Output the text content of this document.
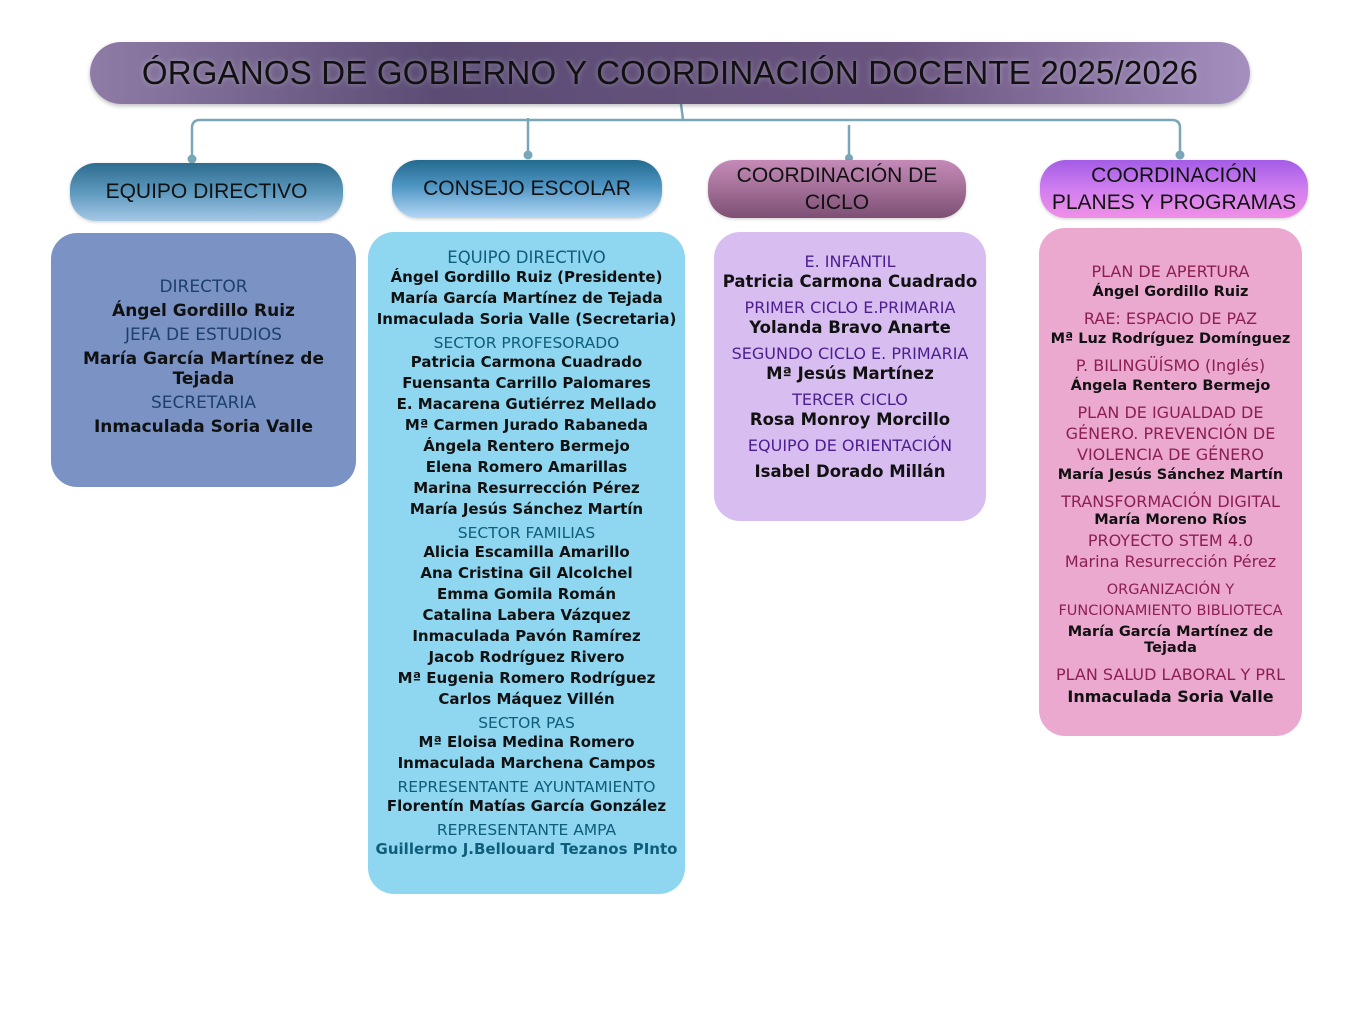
ÓRGANOS DE GOBIERNO Y COORDINACIÓN DOCENTE 2025/2026
EQUIPO DIRECTIVO	CONSEJO ESCOLAR
COORDINACIÓN DE
CICLO
COORDINACIÓN
PLANES Y PROGRAMAS
DIRECTOR
Ángel Gordillo Ruiz
JEFA DE ESTUDIOS
María García Martínez de Tejada
SECRETARIA
Inmaculada Soria Valle
EQUIPO DIRECTIVO
Ángel Gordillo Ruiz (Presidente)
María García Martínez de Tejada
Inmaculada Soria Valle (Secretaria)
SECTOR PROFESORADO
Patricia Carmona Cuadrado
Fuensanta Carrillo Palomares
E. Macarena Gutiérrez Mellado
Mª Carmen Jurado Rabaneda
Ángela Rentero Bermejo
Elena Romero Amarillas
Marina Resurrección Pérez
María Jesús Sánchez Martín
SECTOR FAMILIAS
Alicia Escamilla Amarillo
Ana Cristina Gil Alcolchel
Emma Gomila Román
Catalina Labera Vázquez
Inmaculada Pavón Ramírez
Jacob Rodríguez Rivero
Mª Eugenia Romero Rodríguez
Carlos Máquez Villén
SECTOR PAS
Mª Eloisa Medina Romero
Inmaculada Marchena Campos
REPRESENTANTE AYUNTAMIENTO
Florentín Matías García González
REPRESENTANTE AMPA
Guillermo J.Bellouard Tezanos PInto
E. INFANTIL
Patricia Carmona Cuadrado
PRIMER CICLO E.PRIMARIA
Yolanda Bravo Anarte
SEGUNDO CICLO E. PRIMARIA
Mª Jesús Martínez
TERCER CICLO
Rosa Monroy Morcillo
EQUIPO DE ORIENTACIÓN
Isabel Dorado Millán
PLAN DE APERTURA
Ángel Gordillo Ruiz
RAE: ESPACIO DE PAZ
Mª Luz Rodríguez Domínguez
P. BILINGÜÍSMO (Inglés)
Ángela Rentero Bermejo
PLAN DE IGUALDAD DE
GÉNERO. PREVENCIÓN DE
VIOLENCIA DE GÉNERO
María Jesús Sánchez Martín
TRANSFORMACIÓN DIGITAL
María Moreno Ríos
PROYECTO STEM 4.0
Marina Resurrección Pérez
ORGANIZACIÓN Y
FUNCIONAMIENTO BIBLIOTECA
María García Martínez de Tejada
PLAN SALUD LABORAL Y PRL
Inmaculada Soria Valle
